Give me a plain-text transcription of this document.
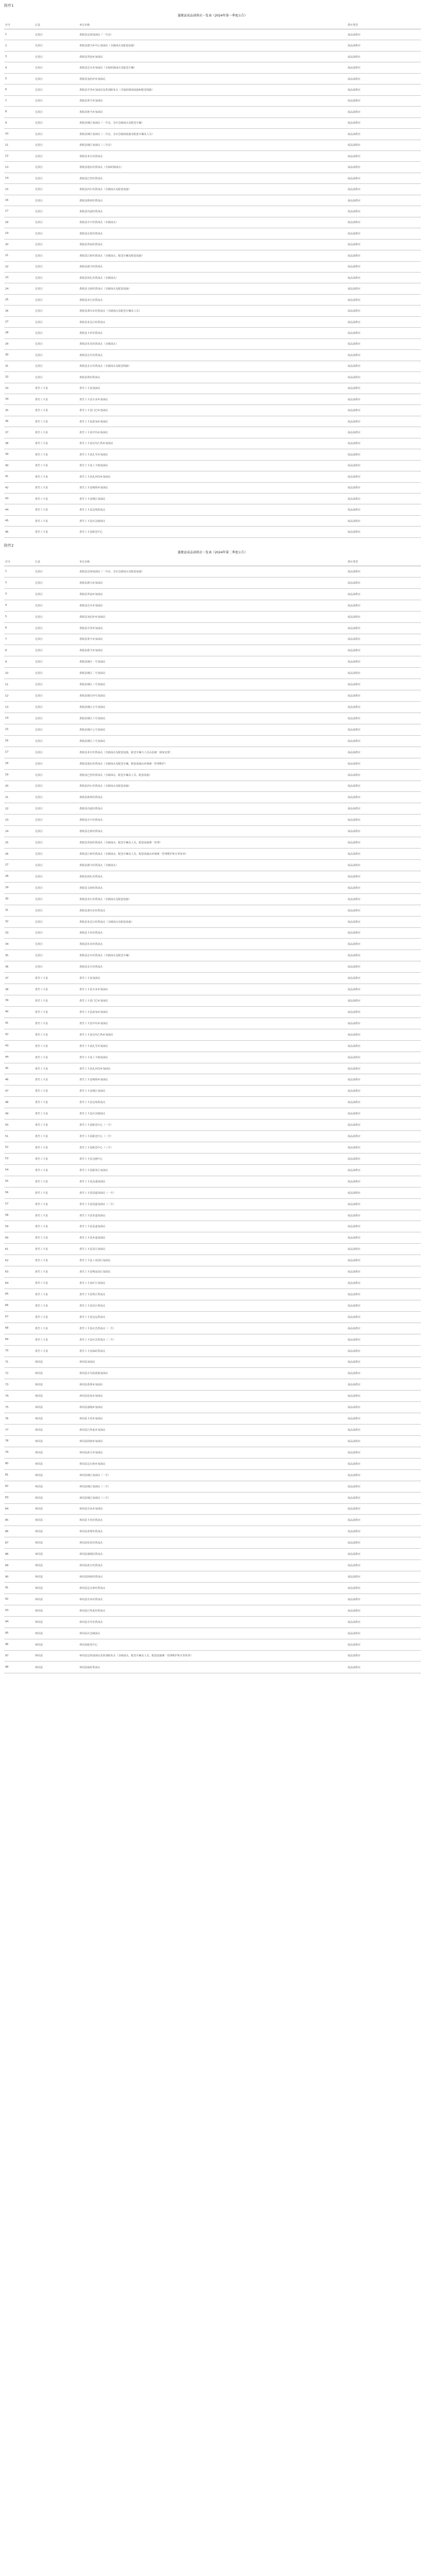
附件1
墨脱县成品油供应一览表（2024年第一季度公告）
序号	区县	单位名称	供应类型
1	达孜区	墨脱县边境加油站（一号站）	成品油供应
2	达孜区	墨脱县德兴乡中心加油站（含储油点及配套设施）	成品油供应
3	达孜区	墨脱县背崩乡加油站	成品油供应
4	达孜区	墨脱县达木乡加油站（含临时储油点及配送车辆）	成品油供应
5	达孜区	墨脱县加拉萨乡加油站	成品油供应
6	达孜区	墨脱县甘登乡加油站及供油服务点（含临时储油设施和配送线路）	成品油供应
7	达孜区	墨脱县帮辛乡加油站	成品油供应
8	达孜区	墨脱县格当乡加油站	成品油供应
9	达孜区	墨脱县城区加油站（一号站，含应急储油点及配送车辆）	成品油供应
10	达孜区	墨脱县城区加油站（二号站，含应急储油设施及配套车辆及人员）	成品油供应
11	达孜区	墨脱县城区加油站（三号站）	成品油供应
12	达孜区	墨脱县米日村供油点	成品油供应
13	达孜区	墨脱县地东村供油点（含临时储油点）	成品油供应
14	达孜区	墨脱县巴登村供油点	成品油供应
15	达孜区	墨脱县西让村供油点（含储油点及配套设施）	成品油供应
16	达孜区	墨脱县格林村供油点	成品油供应
17	达孜区	墨脱县玛迪村供油点	成品油供应
18	达孜区	墨脱县旁辛村供油点（含储油点）	成品油供应
19	达孜区	墨脱县达果村供油点	成品油供应
20	达孜区	墨脱县背崩村供油点	成品油供应
21	达孜区	墨脱县江新村供油点（含储油点、配送车辆及配套设施）	成品油供应
22	达孜区	墨脱县德兴村供油点	成品油供应
23	达孜区	墨脱县荷扎村供油点（含储油点）	成品油供应
24	达孜区	墨脱县文朗村供油点（含储油点及配套设施）	成品油供应
25	达孜区	墨脱县亚让村供油点	成品油供应
26	达孜区	墨脱县那尔东村供油点（含储油点及配送车辆及人员）	成品油供应
27	达孜区	墨脱县易贡白村供油点	成品油供应
28	达孜区	墨脱县卡布村供油点	成品油供应
29	达孜区	墨脱县布龙村供油点（含储油点）	成品油供应
30	达孜区	墨脱县达木村供油点	成品油供应
31	达孜区	墨脱县贡日村供油点（含储油点及配送线路）	成品油供应
32	达孜区	墨脱县珠村供油点	成品油供应
33	墨竹工卡县	墨竹工卡县加油站	成品油供应
34	墨竹工卡县	墨竹工卡县日多乡加油站	成品油供应
35	墨竹工卡县	墨竹工卡县门巴乡加油站	成品油供应
36	墨竹工卡县	墨竹工卡县唐加乡加油站	成品油供应
37	墨竹工卡县	墨竹工卡县甲玛乡加油站	成品油供应
38	墨竹工卡县	墨竹工卡县尼玛江热乡加油站	成品油供应
39	墨竹工卡县	墨竹工卡县扎雪乡加油站	成品油供应
40	墨竹工卡县	墨竹工卡县工卡镇加油站	成品油供应
41	墨竹工卡县	墨竹工卡县扎西岗乡加油站	成品油供应
42	墨竹工卡县	墨竹工卡县嘎则乡加油站	成品油供应
43	墨竹工卡县	墨竹工卡县城区加油站	成品油供应
44	墨竹工卡县	墨竹工卡县边境供油点	成品油供应
45	墨竹工卡县	墨竹工卡县应急储油点	成品油供应
46	墨竹工卡县	墨竹工卡县配送中心	成品油供应
附件2
墨脱县成品油供应一览表（2024年第二季度公告）
序号	区县	单位名称	供应类型
1	达孜区	墨脱县边境加油站（一号站，含应急储油点及配套设施）	成品油供应
2	达孜区	墨脱县德兴乡加油站	成品油供应
3	达孜区	墨脱县背崩乡加油站	成品油供应
4	达孜区	墨脱县达木乡加油站	成品油供应
5	达孜区	墨脱县加拉萨乡加油站	成品油供应
6	达孜区	墨脱县甘登乡加油站	成品油供应
7	达孜区	墨脱县帮辛乡加油站	成品油供应
8	达孜区	墨脱县格当乡加油站	成品油供应
9	达孜区	墨脱县城区一号加油站	成品油供应
10	达孜区	墨脱县城区二号加油站	成品油供应
11	达孜区	墨脱县城区三号加油站	成品油供应
12	达孜区	墨脱县城区四号加油站	成品油供应
13	达孜区	墨脱县城区五号加油站	成品油供应
14	达孜区	墨脱县城区六号加油站	成品油供应
15	达孜区	墨脱县城区七号加油站	成品油供应
16	达孜区	墨脱县城区八号加油站	成品油供应
17	达孜区	墨脱县米日村供油点（含储油点及配套设施，配送车辆与人员由县统一调度安排）	成品油供应
18	达孜区	墨脱县地东村供油点（含储油点及配送车辆，配套设施由乡镇统一管理维护）	成品油供应
19	达孜区	墨脱县巴登村供油点（含储油点、配送车辆及人员、配套设施）	成品油供应
20	达孜区	墨脱县西让村供油点（含储油点及配套设施）	成品油供应
21	达孜区	墨脱县格林村供油点	成品油供应
22	达孜区	墨脱县玛迪村供油点	成品油供应
23	达孜区	墨脱县旁辛村供油点	成品油供应
24	达孜区	墨脱县达果村供油点	成品油供应
25	达孜区	墨脱县背崩村供油点（含储油点、配送车辆及人员，配套设施统一管理）	成品油供应
26	达孜区	墨脱县江新村供油点（含储油点、配送车辆及人员，配套设施由乡镇统一管理维护和日常检查）	成品油供应
27	达孜区	墨脱县德兴村供油点（含储油点）	成品油供应
28	达孜区	墨脱县荷扎村供油点	成品油供应
29	达孜区	墨脱县文朗村供油点	成品油供应
30	达孜区	墨脱县亚让村供油点（含储油点及配套设施）	成品油供应
31	达孜区	墨脱县那尔东村供油点	成品油供应
32	达孜区	墨脱县易贡白村供油点（含储油点及配套设施）	成品油供应
33	达孜区	墨脱县卡布村供油点	成品油供应
34	达孜区	墨脱县布龙村供油点	成品油供应
35	达孜区	墨脱县达木村供油点（含储油点及配送车辆）	成品油供应
36	达孜区	墨脱县贡日村供油点	成品油供应
37	墨竹工卡县	墨竹工卡县加油站	成品油供应
38	墨竹工卡县	墨竹工卡县日多乡加油站	成品油供应
39	墨竹工卡县	墨竹工卡县门巴乡加油站	成品油供应
40	墨竹工卡县	墨竹工卡县唐加乡加油站	成品油供应
41	墨竹工卡县	墨竹工卡县甲玛乡加油站	成品油供应
42	墨竹工卡县	墨竹工卡县尼玛江热乡加油站	成品油供应
43	墨竹工卡县	墨竹工卡县扎雪乡加油站	成品油供应
44	墨竹工卡县	墨竹工卡县工卡镇加油站	成品油供应
45	墨竹工卡县	墨竹工卡县扎西岗乡加油站	成品油供应
46	墨竹工卡县	墨竹工卡县嘎则乡加油站	成品油供应
47	墨竹工卡县	墨竹工卡县城区加油站	成品油供应
48	墨竹工卡县	墨竹工卡县边境供油点	成品油供应
49	墨竹工卡县	墨竹工卡县应急储油点	成品油供应
50	墨竹工卡县	墨竹工卡县配送中心（一号）	成品油供应
51	墨竹工卡县	墨竹工卡县配送中心（二号）	成品油供应
52	墨竹工卡县	墨竹工卡县配送中心（三号）	成品油供应
53	墨竹工卡县	墨竹工卡县仓储中心	成品油供应
54	墨竹工卡县	墨竹工卡县服务区加油站	成品油供应
55	墨竹工卡县	墨竹工卡县高速加油站	成品油供应
56	墨竹工卡县	墨竹工卡县国道加油站（一号）	成品油供应
57	墨竹工卡县	墨竹工卡县国道加油站（二号）	成品油供应
58	墨竹工卡县	墨竹工卡县省道加油站	成品油供应
59	墨竹工卡县	墨竹工卡县县道加油站	成品油供应
60	墨竹工卡县	墨竹工卡县乡道加油站	成品油供应
61	墨竹工卡县	墨竹工卡县景区加油站	成品油供应
62	墨竹工卡县	墨竹工卡县工业园区加油站	成品油供应
63	墨竹工卡县	墨竹工卡县物流园区加油站	成品油供应
64	墨竹工卡县	墨竹工卡县矿区加油站	成品油供应
65	墨竹工卡县	墨竹工卡县牧区供油点	成品油供应
66	墨竹工卡县	墨竹工卡县农区供油点	成品油供应
67	墨竹工卡县	墨竹工卡县边远供油点	成品油供应
68	墨竹工卡县	墨竹工卡县应急供油点（一号）	成品油供应
69	墨竹工卡县	墨竹工卡县应急供油点（二号）	成品油供应
70	墨竹工卡县	墨竹工卡县临时供油点	成品油供应
71	林周县	林周县加油站	成品油供应
72	林周县	林周县甘丹曲果镇加油站	成品油供应
73	林周县	林周县春堆乡加油站	成品油供应
74	林周县	林周县松盘乡加油站	成品油供应
75	林周县	林周县强嘎乡加油站	成品油供应
76	林周县	林周县卡孜乡加油站	成品油供应
77	林周县	林周县江热夏乡加油站	成品油供应
78	林周县	林周县阿朗乡加油站	成品油供应
79	林周县	林周县唐古乡加油站	成品油供应
80	林周县	林周县边交林乡加油站	成品油供应
81	林周县	林周县城区加油站（一号）	成品油供应
82	林周县	林周县城区加油站（二号）	成品油供应
83	林周县	林周县城区加油站（三号）	成品油供应
84	林周县	林周县旁多乡加油站	成品油供应
85	林周县	林周县卡孜村供油点	成品油供应
86	林周县	林周县春堆村供油点	成品油供应
87	林周县	林周县松盘村供油点	成品油供应
88	林周县	林周县强嘎村供油点	成品油供应
89	林周县	林周县唐古村供油点	成品油供应
90	林周县	林周县阿朗村供油点	成品油供应
91	林周县	林周县边交林村供油点	成品油供应
92	林周县	林周县旁多村供油点	成品油供应
93	林周县	林周县江热夏村供油点	成品油供应
94	林周县	林周县甘丹村供油点	成品油供应
95	林周县	林周县应急储油点	成品油供应
96	林周县	林周县配送中心	成品油供应
97	林周县	林周县边境加油站及供油服务点（含储油点、配送车辆及人员，配套设施统一管理维护和日常检查）	成品油供应
98	林周县	林周县临时供油点	成品油供应
